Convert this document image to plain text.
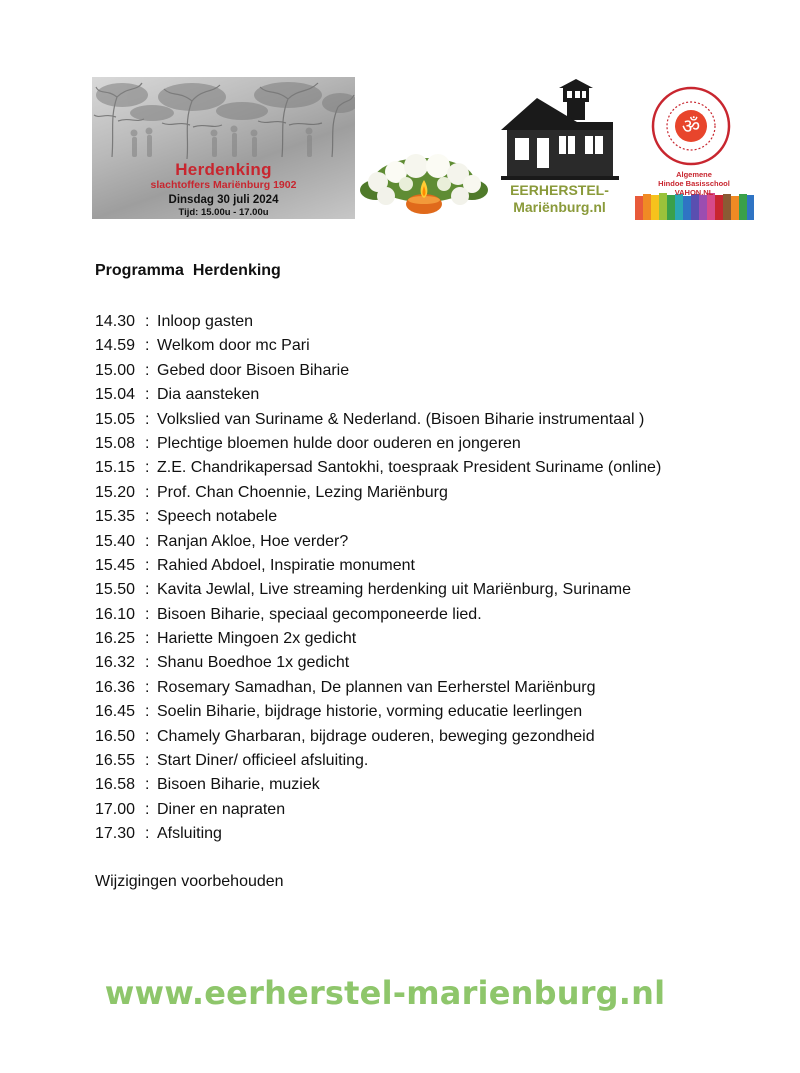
Herdenking
slachtoffers Mariënburg 1902
Dinsdag 30 juli 2024
Tijd: 15.00u - 17.00u
EERHERSTEL-
Mariënburg.nl
ॐ
Algemene
Hindoe Basisschool
VAHON.NL
Programma  Herdenking
14.30 : Inloop gasten
14.59 : Welkom door mc Pari
15.00 : Gebed door Bisoen Biharie
15.04 : Dia aansteken
15.05 : Volkslied van Suriname & Nederland. (Bisoen Biharie instrumentaal )
15.08 : Plechtige bloemen hulde door ouderen en jongeren
15.15 : Z.E. Chandrikapersad Santokhi, toespraak President Suriname (online)
15.20 : Prof. Chan Choennie, Lezing Mariënburg
15.35 : Speech notabele
15.40 : Ranjan Akloe, Hoe verder?
15.45 : Rahied Abdoel, Inspiratie monument
15.50 : Kavita Jewlal, Live streaming herdenking uit Mariënburg, Suriname
16.10 : Bisoen Biharie, speciaal gecomponeerde lied.
16.25 : Hariette Mingoen 2x gedicht
16.32 : Shanu Boedhoe 1x gedicht
16.36 : Rosemary Samadhan, De plannen van Eerherstel Mariënburg
16.45 : Soelin Biharie, bijdrage historie, vorming educatie leerlingen
16.50 : Chamely Gharbaran, bijdrage ouderen, beweging gezondheid
16.55 : Start Diner/ officieel afsluiting.
16.58 : Bisoen Biharie, muziek
17.00 : Diner en napraten
17.30 : Afsluiting
Wijzigingen voorbehouden
www.eerherstel-marienburg.nl
